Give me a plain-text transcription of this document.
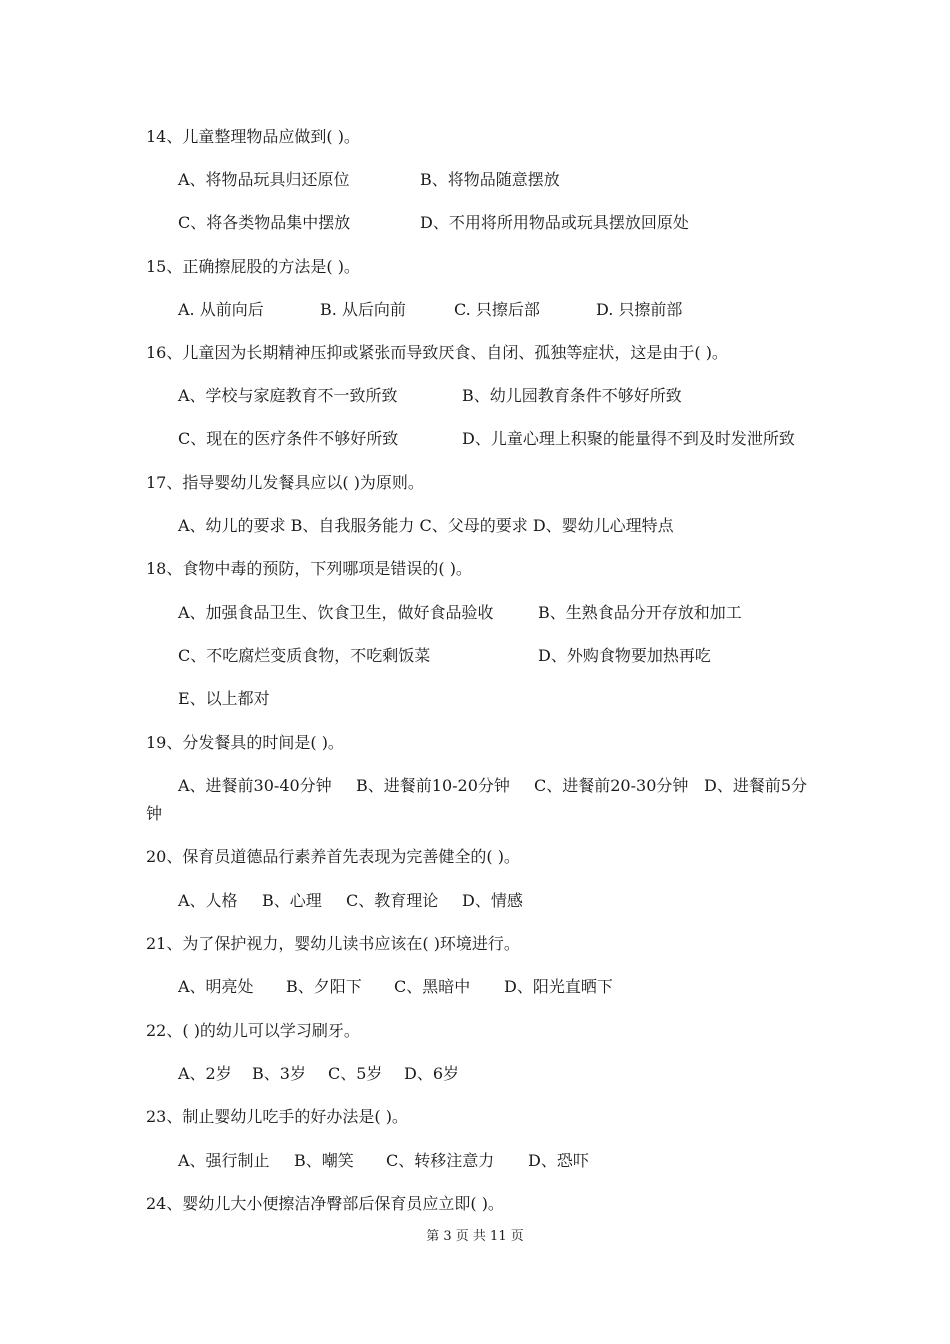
14、儿童整理物品应做到( )。
A、将物品玩具归还原位	B、将物品随意摆放
C、将各类物品集中摆放	D、不用将所用物品或玩具摆放回原处
15、正确擦屁股的方法是( )。
A. 从前向后	B. 从后向前	C. 只擦后部	D. 只擦前部
16、儿童因为长期精神压抑或紧张而导致厌食、自闭、孤独等症状，这是由于( )。
A、学校与家庭教育不一致所致	B、幼儿园教育条件不够好所致
C、现在的医疗条件不够好所致	D、儿童心理上积聚的能量得不到及时发泄所致
17、指导婴幼儿发餐具应以( )为原则。
A、幼儿的要求 B、自我服务能力 C、父母的要求 D、婴幼儿心理特点
18、食物中毒的预防，下列哪项是错误的( )。
A、加强食品卫生、饮食卫生，做好食品验收	B、生熟食品分开存放和加工
C、不吃腐烂变质食物，不吃剩饭菜	D、外购食物要加热再吃
E、以上都对
19、分发餐具的时间是( )。
A、进餐前30-40分钟 B、进餐前10-20分钟 C、进餐前20-30分钟 D、进餐前5分
钟
20、保育员道德品行素养首先表现为完善健全的( )。
A、人格 B、心理 C、教育理论 D、情感
21、为了保护视力，婴幼儿读书应该在( )环境进行。
A、明亮处 B、夕阳下 C、黑暗中 D、阳光直晒下
22、( )的幼儿可以学习刷牙。
A、2岁 B、3岁 C、5岁 D、6岁
23、制止婴幼儿吃手的好办法是( )。
A、强行制止 B、嘲笑 C、转移注意力 D、恐吓
24、婴幼儿大小便擦洁净臀部后保育员应立即( )。
第 3 页 共 11 页
